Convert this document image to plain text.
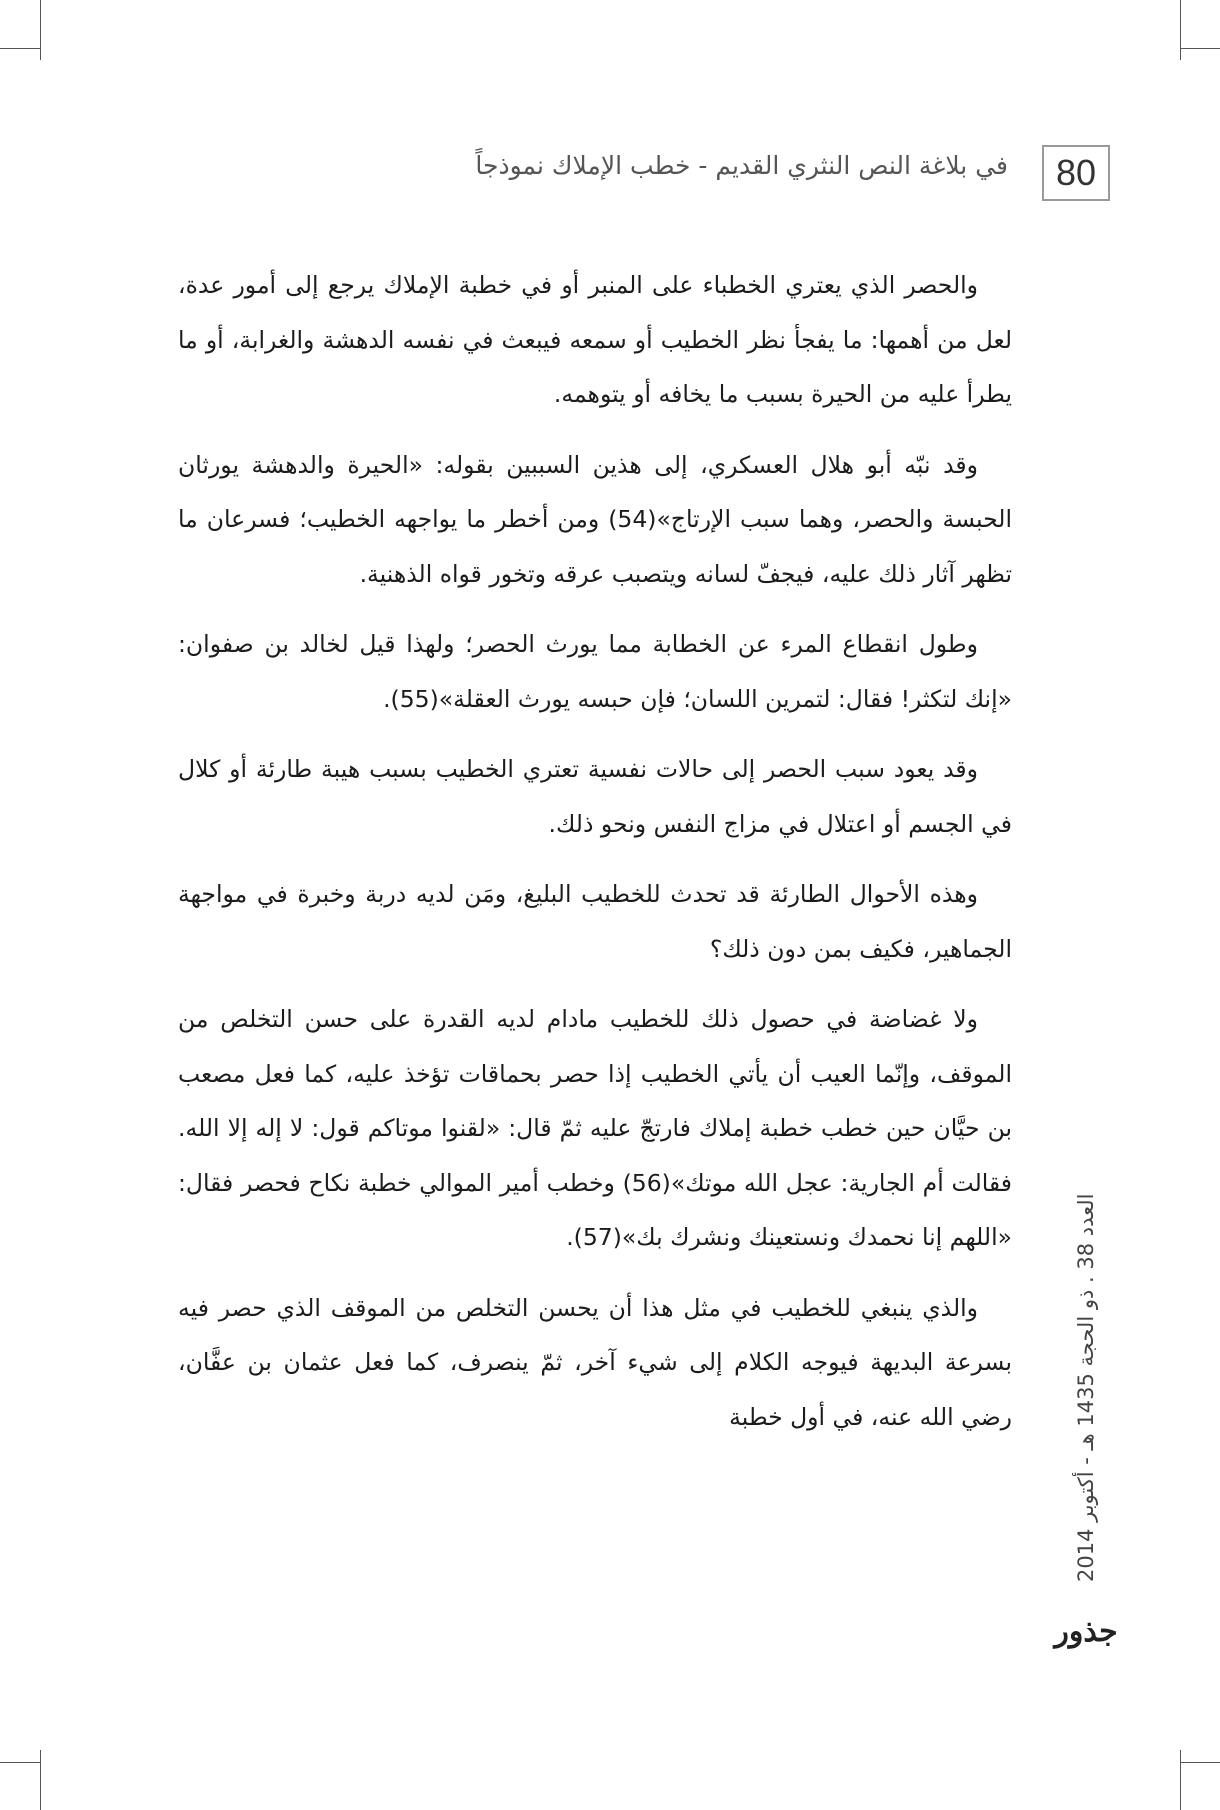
80
في بلاغة النص النثري القديم - خطب الإملاك نموذجاً

والحصر الذي يعتري الخطباء على المنبر أو في خطبة الإملاك يرجع إلى أمور عدة، لعل من أهمها: ما يفجأ نظر الخطيب أو سمعه فيبعث في نفسه الدهشة والغرابة، أو ما يطرأ عليه من الحيرة بسبب ما يخافه أو يتوهمه.

وقد نبّه أبو هلال العسكري، إلى هذين السببين بقوله: «الحيرة والدهشة يورثان الحبسة والحصر، وهما سبب الإرتاج»(54) ومن أخطر ما يواجهه الخطيب؛ فسرعان ما تظهر آثار ذلك عليه، فيجفّ لسانه ويتصبب عرقه وتخور قواه الذهنية.

وطول انقطاع المرء عن الخطابة مما يورث الحصر؛ ولهذا قيل لخالد بن صفوان: «إنك لتكثر! فقال: لتمرين اللسان؛ فإن حبسه يورث العقلة»(55).

وقد يعود سبب الحصر إلى حالات نفسية تعتري الخطيب بسبب هيبة طارئة أو كلال في الجسم أو اعتلال في مزاج النفس ونحو ذلك.

وهذه الأحوال الطارئة قد تحدث للخطيب البليغ، ومَن لديه دربة وخبرة في مواجهة الجماهير، فكيف بمن دون ذلك؟

ولا غضاضة في حصول ذلك للخطيب مادام لديه القدرة على حسن التخلص من الموقف، وإنّما العيب أن يأتي الخطيب إذا حصر بحماقات تؤخذ عليه، كما فعل مصعب بن حيَّان حين خطب خطبة إملاك فارتجّ عليه ثمّ قال: «لقنوا موتاكم قول: لا إله إلا الله. فقالت أم الجارية: عجل الله موتك»(56) وخطب أمير الموالي خطبة نكاح فحصر فقال: «اللهم إنا نحمدك ونستعينك ونشرك بك»(57).

والذي ينبغي للخطيب في مثل هذا أن يحسن التخلص من الموقف الذي حصر فيه بسرعة البديهة فيوجه الكلام إلى شيء آخر، ثمّ ينصرف، كما فعل عثمان بن عفَّان، رضي الله عنه، في أول خطبة

العدد 38 . ذو الحجة 1435 هـ - أكتوبر 2014
جذور
